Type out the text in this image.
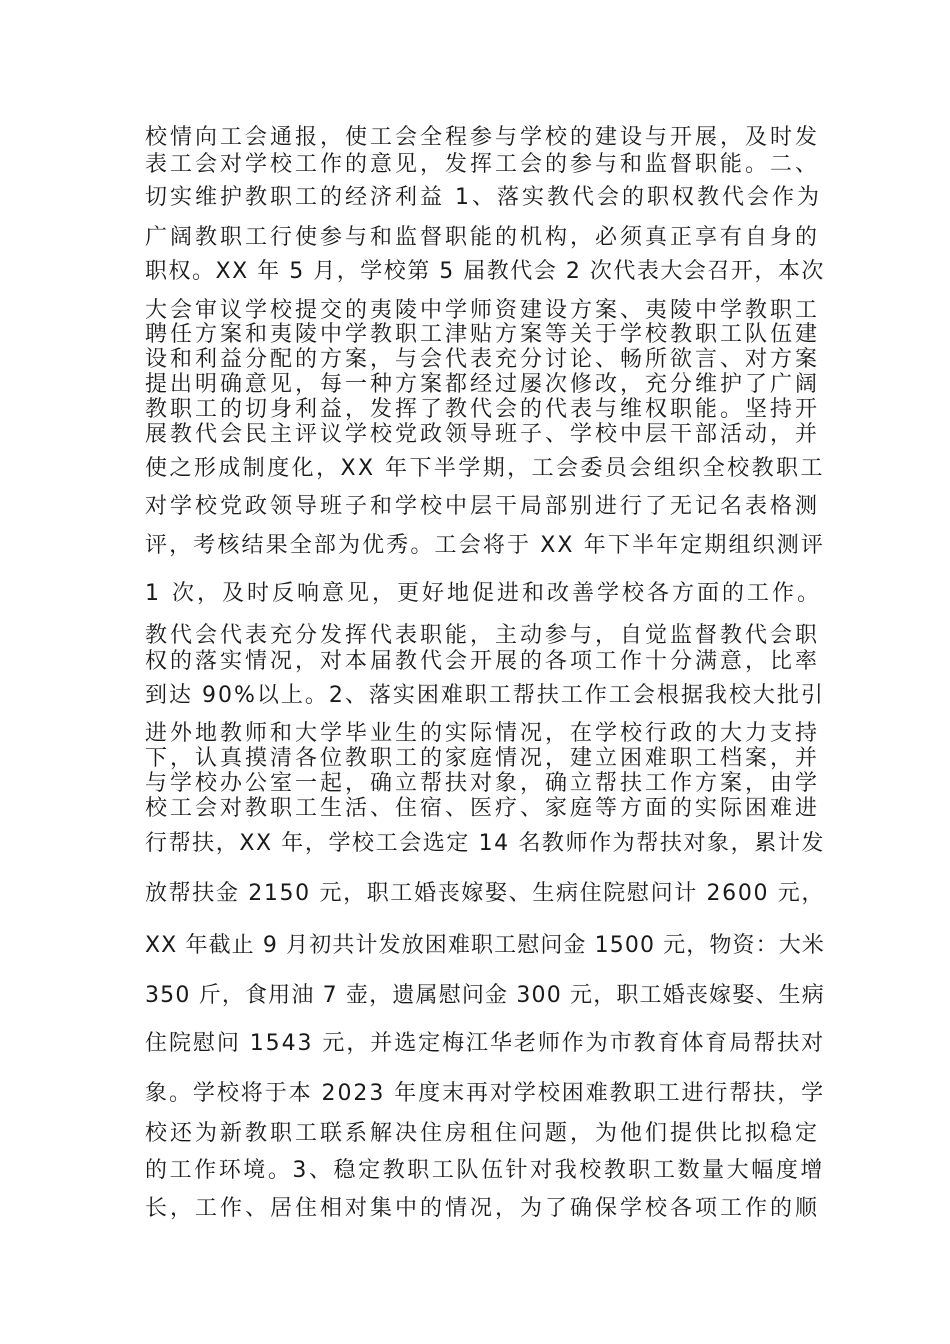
校情向工会通报，使工会全程参与学校的建设与开展，及时发
表工会对学校工作的意见，发挥工会的参与和监督职能。二、
切实维护教职工的经济利益 1、落实教代会的职权教代会作为
广阔教职工行使参与和监督职能的机构，必须真正享有自身的
职权。XX 年 5 月，学校第 5 届教代会 2 次代表大会召开，本次
大会审议学校提交的夷陵中学师资建设方案、夷陵中学教职工
聘任方案和夷陵中学教职工津贴方案等关于学校教职工队伍建
设和利益分配的方案，与会代表充分讨论、畅所欲言、对方案
提出明确意见，每一种方案都经过屡次修改，充分维护了广阔
教职工的切身利益，发挥了教代会的代表与维权职能。坚持开
展教代会民主评议学校党政领导班子、学校中层干部活动，并
使之形成制度化，XX 年下半学期，工会委员会组织全校教职工
对学校党政领导班子和学校中层干局部别进行了无记名表格测
评，考核结果全部为优秀。工会将于 XX 年下半年定期组织测评
1 次，及时反响意见，更好地促进和改善学校各方面的工作。
教代会代表充分发挥代表职能，主动参与，自觉监督教代会职
权的落实情况，对本届教代会开展的各项工作十分满意，比率
到达 90%以上。2、落实困难职工帮扶工作工会根据我校大批引
进外地教师和大学毕业生的实际情况，在学校行政的大力支持
下，认真摸清各位教职工的家庭情况，建立困难职工档案，并
与学校办公室一起，确立帮扶对象，确立帮扶工作方案，由学
校工会对教职工生活、住宿、医疗、家庭等方面的实际困难进
行帮扶，XX 年，学校工会选定 14 名教师作为帮扶对象，累计发
放帮扶金 2150 元，职工婚丧嫁娶、生病住院慰问计 2600 元，
XX 年截止 9 月初共计发放困难职工慰问金 1500 元，物资：大米
350 斤，食用油 7 壶，遗属慰问金 300 元，职工婚丧嫁娶、生病
住院慰问 1543 元，并选定梅江华老师作为市教育体育局帮扶对
象。学校将于本 2023 年度末再对学校困难教职工进行帮扶，学
校还为新教职工联系解决住房租住问题，为他们提供比拟稳定
的工作环境。3、稳定教职工队伍针对我校教职工数量大幅度增
长，工作、居住相对集中的情况，为了确保学校各项工作的顺
